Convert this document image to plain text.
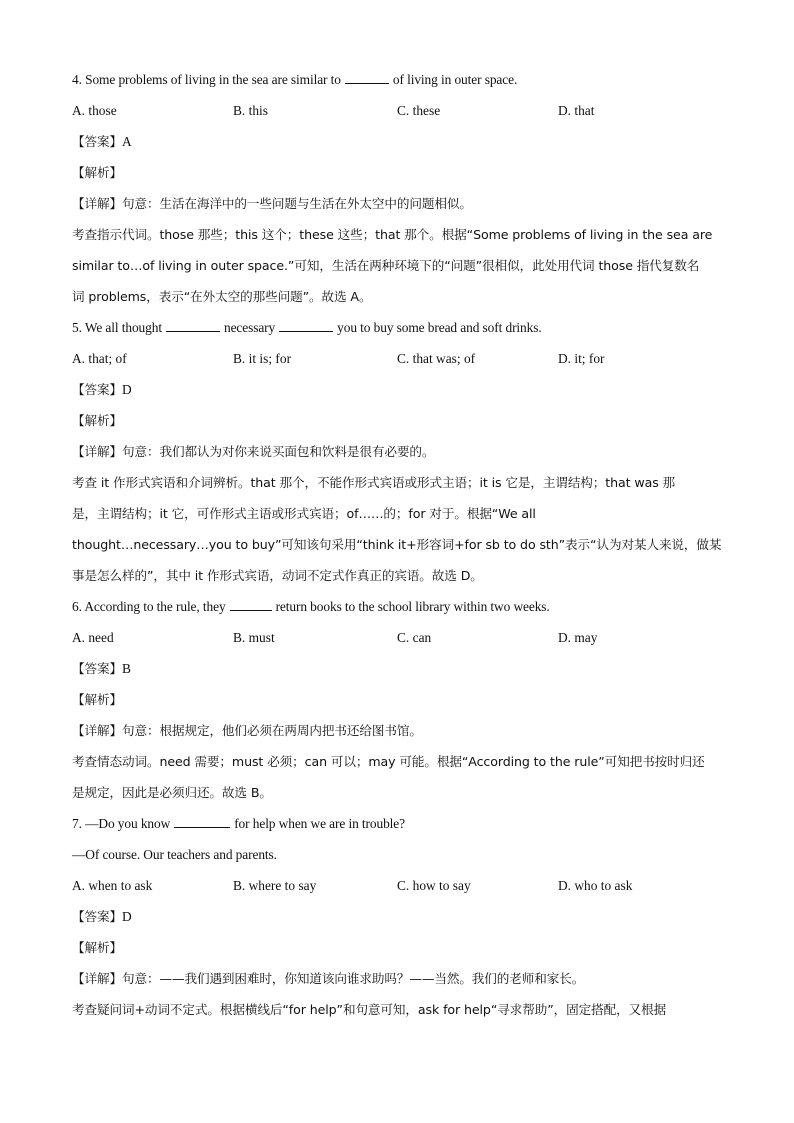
4. Some problems of living in the sea are similar to	of living in outer space.
A. those	B. this	C. these	D. that
【答案】A
【解析】
【详解】句意：生活在海洋中的一些问题与生活在外太空中的问题相似。
考查指示代词。those 那些；this 这个；these 这些；that 那个。根据“Some problems of living in the sea are
similar to…of living in outer space.”可知，生活在两种环境下的“问题”很相似，此处用代词 those 指代复数名
词 problems，表示“在外太空的那些问题”。故选 A。
5. We all thought	necessary	you to buy some bread and soft drinks.
A. that; of	B. it is; for	C. that was; of	D. it; for
【答案】D
【解析】
【详解】句意：我们都认为对你来说买面包和饮料是很有必要的。
考查 it 作形式宾语和介词辨析。that 那个，不能作形式宾语或形式主语；it is 它是，主谓结构；that was 那
是，主谓结构；it 它，可作形式主语或形式宾语；of……的；for 对于。根据“We all
thought…necessary…you to buy”可知该句采用“think it+形容词+for sb to do sth”表示“认为对某人来说，做某
事是怎么样的”，其中 it 作形式宾语，动词不定式作真正的宾语。故选 D。
6. According to the rule, they	return books to the school library within two weeks.
A. need	B. must	C. can	D. may
【答案】B
【解析】
【详解】句意：根据规定，他们必须在两周内把书还给图书馆。
考查情态动词。need 需要；must 必须；can 可以；may 可能。根据“According to the rule”可知把书按时归还
是规定，因此是必须归还。故选 B。
7. —Do you know	for help when we are in trouble?
—Of course. Our teachers and parents.
A. when to ask	B. where to say	C. how to say	D. who to ask
【答案】D
【解析】
【详解】句意：——我们遇到困难时，你知道该向谁求助吗？——当然。我们的老师和家长。
考查疑问词+动词不定式。根据横线后“for help”和句意可知，ask for help“寻求帮助”，固定搭配，又根据
